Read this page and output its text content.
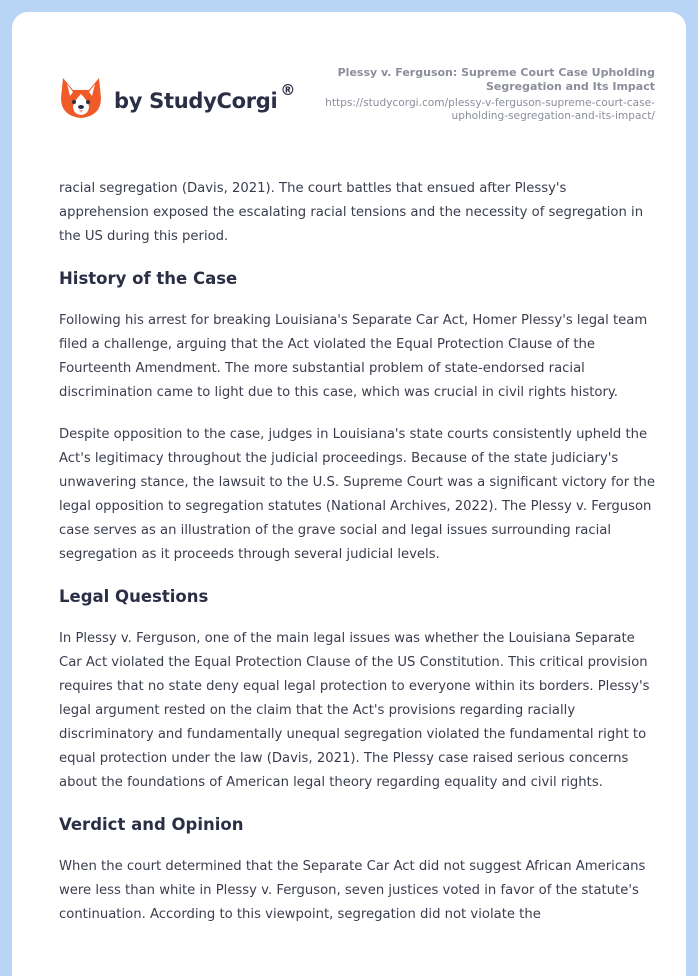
by StudyCorgi ®
Plessy v. Ferguson: Supreme Court Case Upholding Segregation and Its Impact
https://studycorgi.com/plessy-v-ferguson-supreme-court-case-upholding-segregation-and-its-impact/

racial segregation (Davis, 2021). The court battles that ensued after Plessy's apprehension exposed the escalating racial tensions and the necessity of segregation in the US during this period.

History of the Case

Following his arrest for breaking Louisiana's Separate Car Act, Homer Plessy's legal team filed a challenge, arguing that the Act violated the Equal Protection Clause of the Fourteenth Amendment. The more substantial problem of state-endorsed racial discrimination came to light due to this case, which was crucial in civil rights history.

Despite opposition to the case, judges in Louisiana's state courts consistently upheld the Act's legitimacy throughout the judicial proceedings. Because of the state judiciary's unwavering stance, the lawsuit to the U.S. Supreme Court was a significant victory for the legal opposition to segregation statutes (National Archives, 2022). The Plessy v. Ferguson case serves as an illustration of the grave social and legal issues surrounding racial segregation as it proceeds through several judicial levels.

Legal Questions

In Plessy v. Ferguson, one of the main legal issues was whether the Louisiana Separate Car Act violated the Equal Protection Clause of the US Constitution. This critical provision requires that no state deny equal legal protection to everyone within its borders. Plessy's legal argument rested on the claim that the Act's provisions regarding racially discriminatory and fundamentally unequal segregation violated the fundamental right to equal protection under the law (Davis, 2021). The Plessy case raised serious concerns about the foundations of American legal theory regarding equality and civil rights.

Verdict and Opinion

When the court determined that the Separate Car Act did not suggest African Americans were less than white in Plessy v. Ferguson, seven justices voted in favor of the statute's continuation. According to this viewpoint, segregation did not violate the
